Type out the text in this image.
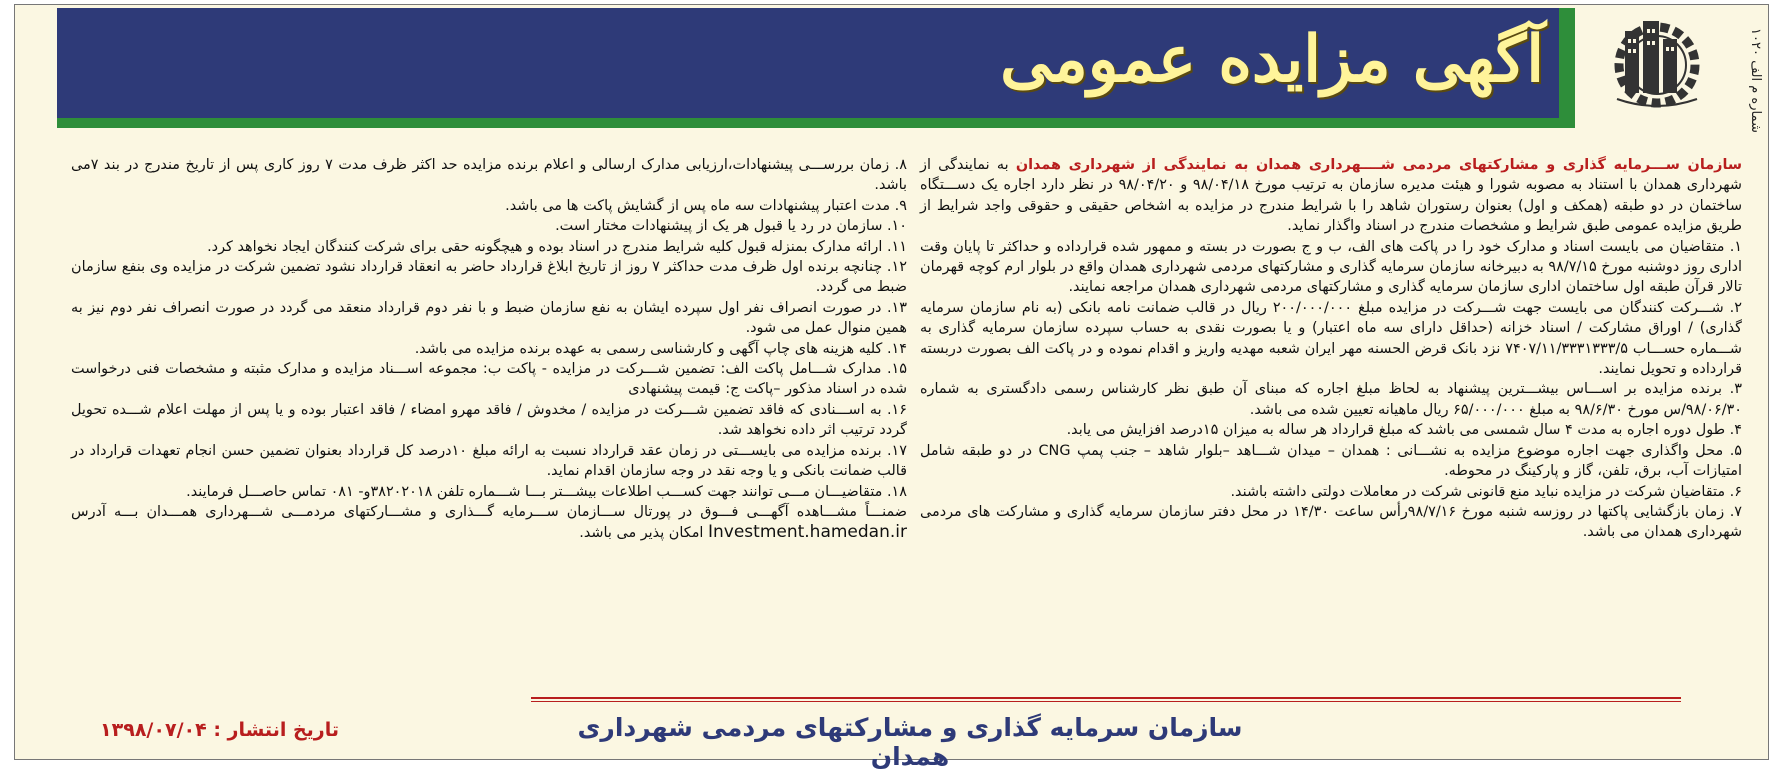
آگهی مزایده عمومی	شماره م الف ۱۰۲۰

سازمان ســـرمایه گذاری و مشارکتهای مردمی شــــهرداری همدان به نمایندگی از شهرداری همدان به نمایندگی از شهرداری همدان با استناد به مصوبه شورا و هیئت مدیره سازمان به ترتیب مورخ ۹۸/۰۴/۱۸ و ۹۸/۰۴/۲۰ در نظر دارد اجاره یک دســـتگاه ساختمان در دو طبقه (همکف و اول) بعنوان رستوران شاهد را با شرایط مندرج در مزایده به اشخاص حقیقی و حقوقی واجد شرایط از طریق مزایده عمومی طبق شرایط و مشخصات مندرج در اسناد واگذار نماید.

۱. متقاضیان می بایست اسناد و مدارک خود را در پاکت های الف، ب و ج بصورت در بسته و ممهور شده قرارداده و حداکثر تا پایان وقت اداری روز دوشنبه مورخ ۹۸/۷/۱۵ به دبیرخانه سازمان سرمایه گذاری و مشارکتهای مردمی شهرداری همدان واقع در بلوار ارم کوچه قهرمان تالار قرآن طبقه اول ساختمان اداری سازمان سرمایه گذاری و مشارکتهای مردمی شهرداری همدان مراجعه نمایند.

۲. شـــرکت کنندگان می بایست جهت شـــرکت در مزایده مبلغ ۲۰۰/۰۰۰/۰۰۰ ریال در قالب ضمانت نامه بانکی (به نام سازمان سرمایه گذاری) / اوراق مشارکت / اسناد خزانه (حداقل دارای سه ماه اعتبار) و یا بصورت نقدی به حساب سپرده سازمان سرمایه گذاری به شـــماره حســـاب ۷۴۰۷/۱۱/۳۳۳۱۳۳۳/۵ نزد بانک قرض الحسنه مهر ایران شعبه مهدیه واریز و اقدام نموده و در پاکت الف بصورت دربسته قرارداده و تحویل نمایند.

۳. برنده مزایده بر اســـاس بیشـــترین پیشنهاد به لحاظ مبلغ اجاره که مبنای آن طبق نظر کارشناس رسمی دادگستری به شماره ۹۸/۰۶/۳۰/س مورخ ۹۸/۶/۳۰ به مبلغ ۶۵/۰۰۰/۰۰۰ ریال ماهیانه تعیین شده می باشد.

۴. طول دوره اجاره به مدت ۴ سال شمسی می باشد که مبلغ قرارداد هر ساله به میزان ۱۵درصد افزایش می یابد.

۵. محل واگذاری جهت اجاره موضوع مزایده به نشـــانی : همدان – میدان شـــاهد –بلوار شاهد – جنب پمپ CNG در دو طبقه شامل امتیازات آب، برق، تلفن، گاز و پارکینگ در محوطه.

۶. متقاضیان شرکت در مزایده نباید منع قانونی شرکت در معاملات دولتی داشته باشند.

۷. زمان بازگشایی پاکتها در روزسه شنبه مورخ ۹۸/۷/۱۶رأس ساعت ۱۴/۳۰ در محل دفتر سازمان سرمایه گذاری و مشارکت های مردمی شهرداری همدان می باشد.

۸. زمان بررســـی پیشنهادات،ارزیابی مدارک ارسالی و اعلام برنده مزایده حد اکثر ظرف مدت ۷ روز کاری پس از تاریخ مندرج در بند ۷می باشد.

۹. مدت اعتبار پیشنهادات سه ماه پس از گشایش پاکت ها می باشد.

۱۰. سازمان در رد یا قبول هر یک از پیشنهادات مختار است.

۱۱. ارائه مدارک بمنزله قبول کلیه شرایط مندرج در اسناد بوده و هیچگونه حقی برای شرکت کنندگان ایجاد نخواهد کرد.

۱۲. چنانچه برنده اول ظرف مدت حداکثر ۷ روز از تاریخ ابلاغ قرارداد حاضر به انعقاد قرارداد نشود تضمین شرکت در مزایده وی بنفع سازمان ضبط می گردد.

۱۳. در صورت انصراف نفر اول سپرده ایشان به نفع سازمان ضبط و با نفر دوم قرارداد منعقد می گردد در صورت انصراف نفر دوم نیز به همین منوال عمل می شود.

۱۴. کلیه هزینه های چاپ آگهی و کارشناسی رسمی به عهده برنده مزایده می باشد.

۱۵. مدارک شـــامل پاکت الف: تضمین شـــرکت در مزایده - پاکت ب: مجموعه اســـناد مزایده و مدارک مثبته و مشخصات فنی درخواست شده در اسناد مذکور –پاکت ج: قیمت پیشنهادی

۱۶. به اســـنادی که فاقد تضمین شـــرکت در مزایده / مخدوش / فاقد مهرو امضاء / فاقد اعتبار بوده و یا پس از مهلت اعلام شـــده تحویل گردد ترتیب اثر داده نخواهد شد.

۱۷. برنده مزایده می بایســـتی در زمان عقد قرارداد نسبت به ارائه مبلغ ۱۰درصد کل قرارداد بعنوان تضمین حسن انجام تعهدات قرارداد در قالب ضمانت بانکی و یا وجه نقد در وجه سازمان اقدام نماید.

۱۸. متقاضیـــان مـــی توانند جهت کســـب اطلاعات بیشـــتر بـــا شـــماره تلفن ۳۸۲۰۲۰۱۸و- ۰۸۱ تماس حاصـــل فرمایند.

ضمنـــاً مشـــاهده آگهـــی فـــوق در پورتال ســـازمان ســـرمایه گـــذاری و مشـــارکتهای مردمـــی شـــهرداری همـــدان بـــه آدرس Investment.hamedan.ir امکان پذیر می باشد.

سازمان سرمایه گذاری و مشارکتهای مردمی شهرداری همدان
تاریخ انتشار : ۱۳۹۸/۰۷/۰۴
